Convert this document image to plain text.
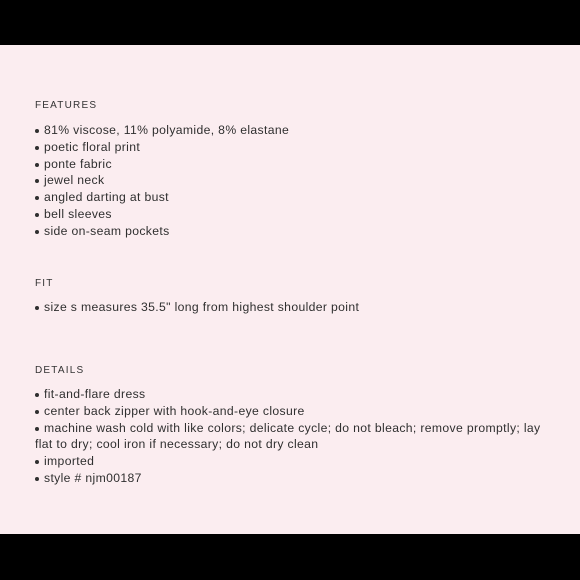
FEATURES
81% viscose, 11% polyamide, 8% elastane
poetic floral print
ponte fabric
jewel neck
angled darting at bust
bell sleeves
side on-seam pockets
FIT
size s measures 35.5" long from highest shoulder point
DETAILS
fit-and-flare dress
center back zipper with hook-and-eye closure
machine wash cold with like colors; delicate cycle; do not bleach; remove promptly; lay flat to dry; cool iron if necessary; do not dry clean
imported
style # njm00187
